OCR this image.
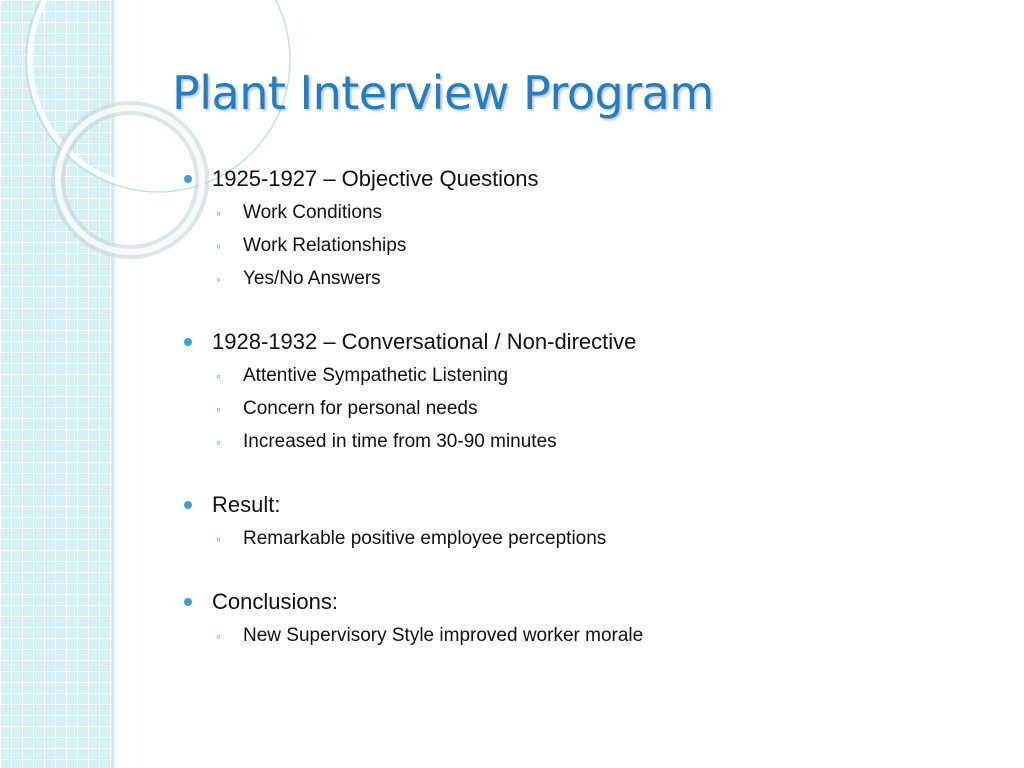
Plant Interview Program
1925-1927 – Objective Questions
◦ Work Conditions
◦ Work Relationships
◦ Yes/No Answers
1928-1932 – Conversational / Non-directive
◦ Attentive Sympathetic Listening
◦ Concern for personal needs
◦ Increased in time from 30-90 minutes
Result:
◦ Remarkable positive employee perceptions
Conclusions:
◦ New Supervisory Style improved worker morale
